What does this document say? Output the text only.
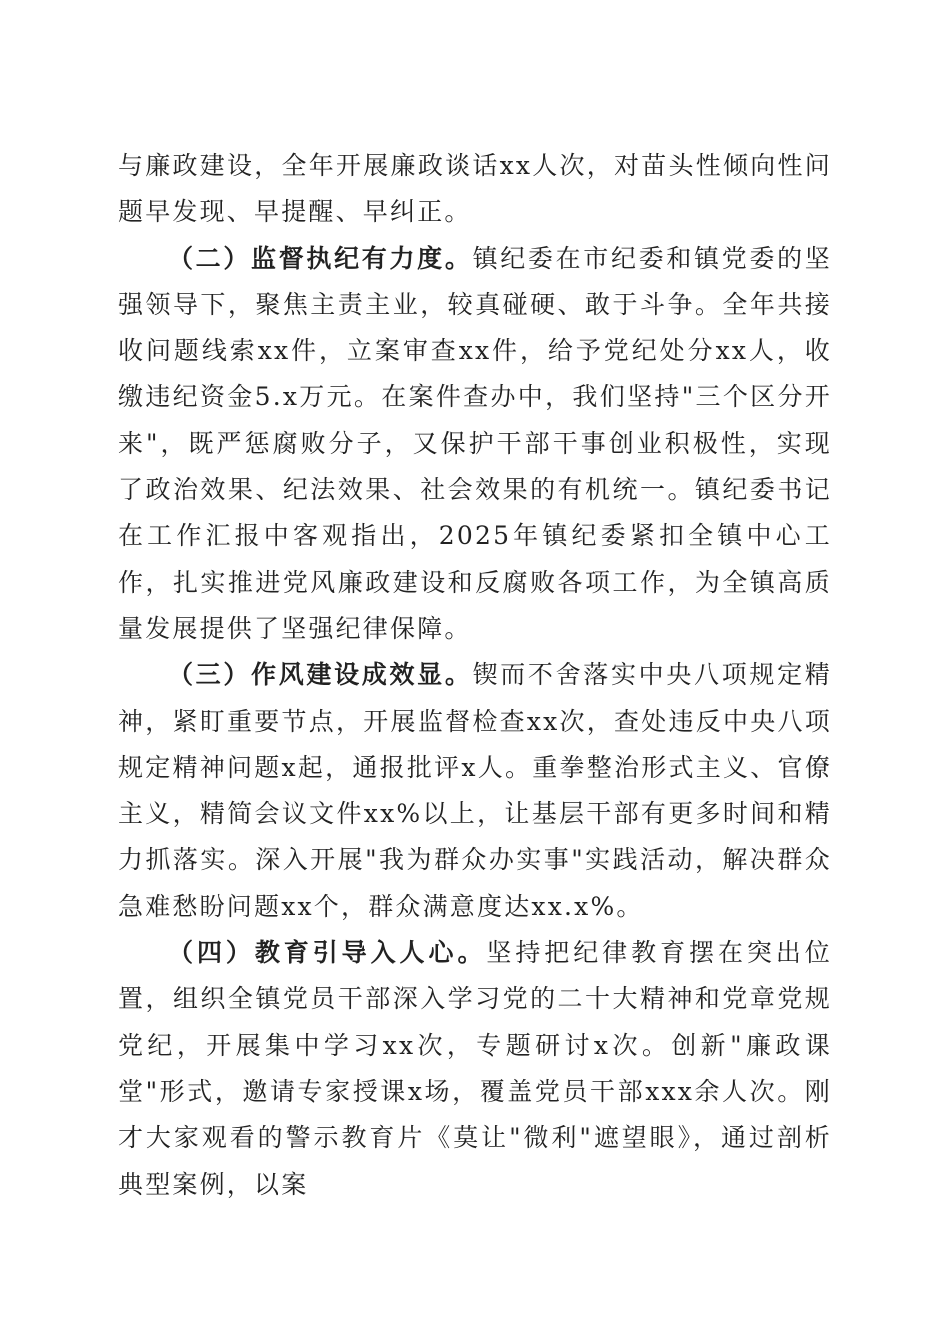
与廉政建设，全年开展廉政谈话xx人次，对苗头性倾向性问题早发现、早提醒、早纠正。

（二）监督执纪有力度。镇纪委在市纪委和镇党委的坚强领导下，聚焦主责主业，较真碰硬、敢于斗争。全年共接收问题线索xx件，立案审查xx件，给予党纪处分xx人，收缴违纪资金5.x万元。在案件查办中，我们坚持"三个区分开来"，既严惩腐败分子，又保护干部干事创业积极性，实现了政治效果、纪法效果、社会效果的有机统一。镇纪委书记在工作汇报中客观指出，2025年镇纪委紧扣全镇中心工作，扎实推进党风廉政建设和反腐败各项工作，为全镇高质量发展提供了坚强纪律保障。

（三）作风建设成效显。锲而不舍落实中央八项规定精神，紧盯重要节点，开展监督检查xx次，查处违反中央八项规定精神问题x起，通报批评x人。重拳整治形式主义、官僚主义，精简会议文件xx%以上，让基层干部有更多时间和精力抓落实。深入开展"我为群众办实事"实践活动，解决群众急难愁盼问题xx个，群众满意度达xx.x%。

（四）教育引导入人心。坚持把纪律教育摆在突出位置，组织全镇党员干部深入学习党的二十大精神和党章党规党纪，开展集中学习xx次，专题研讨x次。创新"廉政课堂"形式，邀请专家授课x场，覆盖党员干部xxx余人次。刚才大家观看的警示教育片《莫让"微利"遮望眼》，通过剖析典型案例，以案
